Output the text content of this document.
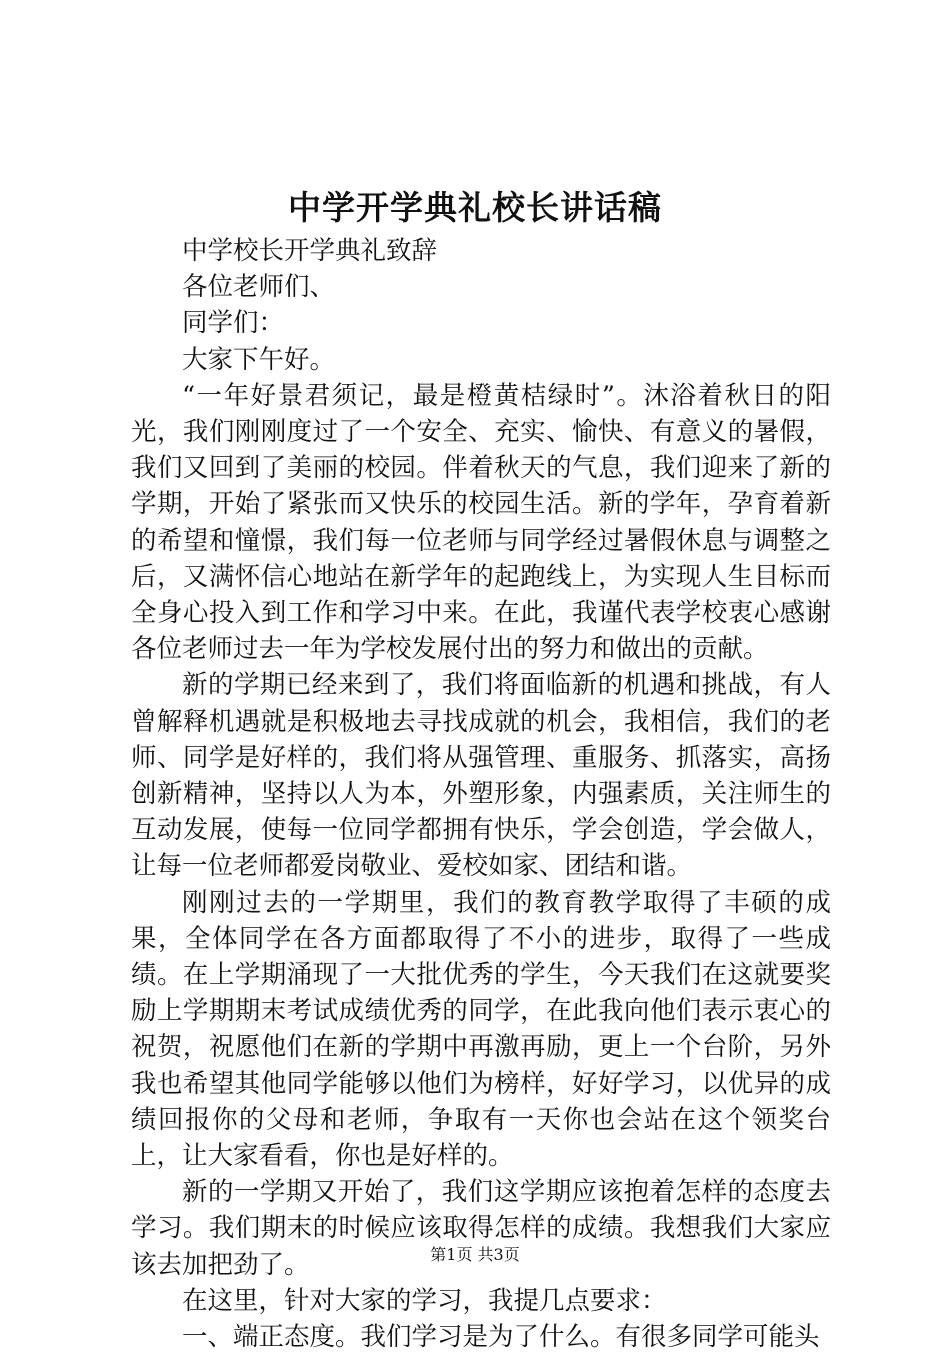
中学开学典礼校长讲话稿

中学校长开学典礼致辞

各位老师们、

同学们：

大家下午好。

“一年好景君须记，最是橙黄桔绿时”。沐浴着秋日的阳光，我们刚刚度过了一个安全、充实、愉快、有意义的暑假，我们又回到了美丽的校园。伴着秋天的气息，我们迎来了新的学期，开始了紧张而又快乐的校园生活。新的学年，孕育着新的希望和憧憬，我们每一位老师与同学经过暑假休息与调整之后，又满怀信心地站在新学年的起跑线上，为实现人生目标而全身心投入到工作和学习中来。在此，我谨代表学校衷心感谢各位老师过去一年为学校发展付出的努力和做出的贡献。

新的学期已经来到了，我们将面临新的机遇和挑战，有人曾解释机遇就是积极地去寻找成就的机会，我相信，我们的老师、同学是好样的，我们将从强管理、重服务、抓落实，高扬创新精神，坚持以人为本，外塑形象，内强素质，关注师生的互动发展，使每一位同学都拥有快乐，学会创造，学会做人，让每一位老师都爱岗敬业、爱校如家、团结和谐。

刚刚过去的一学期里，我们的教育教学取得了丰硕的成果，全体同学在各方面都取得了不小的进步，取得了一些成绩。在上学期涌现了一大批优秀的学生，今天我们在这就要奖励上学期期末考试成绩优秀的同学，在此我向他们表示衷心的祝贺，祝愿他们在新的学期中再激再励，更上一个台阶，另外我也希望其他同学能够以他们为榜样，好好学习，以优异的成绩回报你的父母和老师，争取有一天你也会站在这个领奖台上，让大家看看，你也是好样的。

新的一学期又开始了，我们这学期应该抱着怎样的态度去学习。我们期末的时候应该取得怎样的成绩。我想我们大家应该去加把劲了。

在这里，针对大家的学习，我提几点要求：

一、端正态度。我们学习是为了什么。有很多同学可能头

第1页 共3页
